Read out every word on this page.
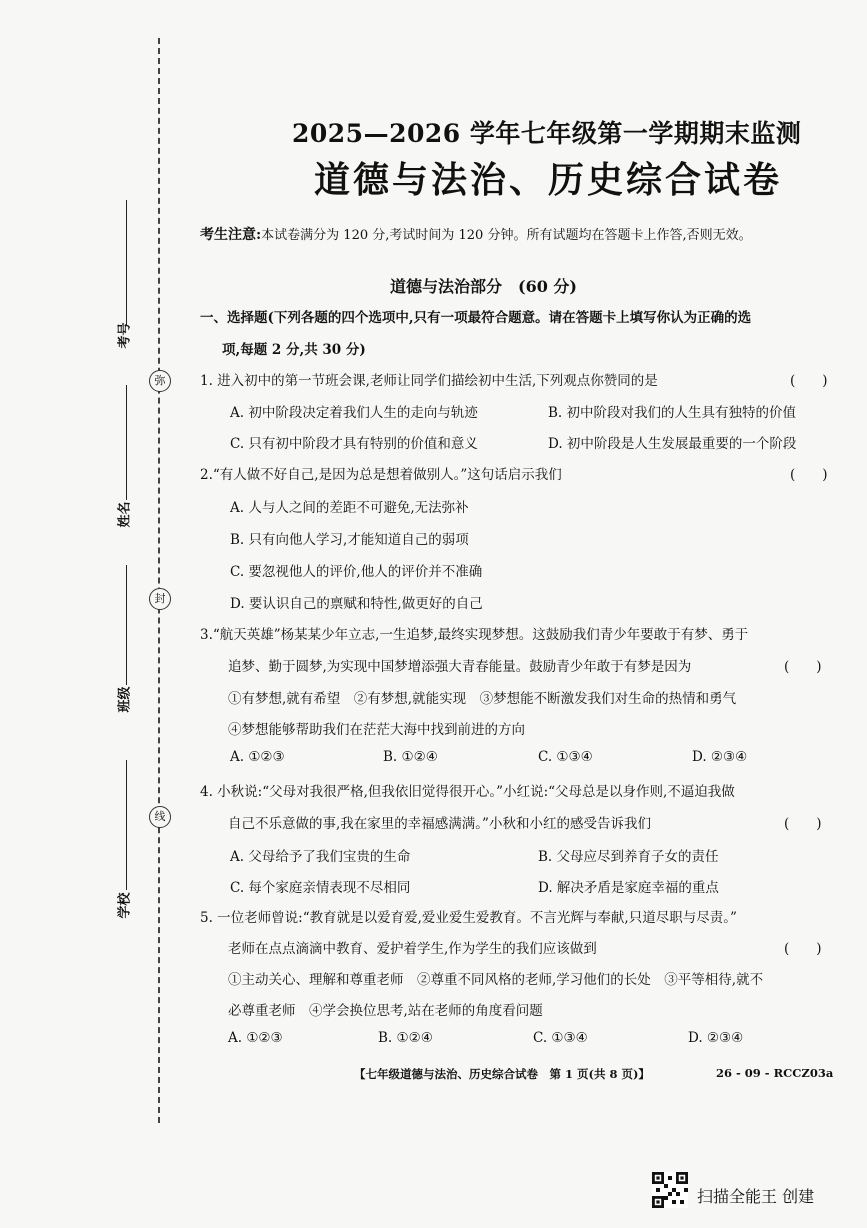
弥
封
线
考号
姓名
班级
学校
2025—2026 学年七年级第一学期期末监测
道德与法治、历史综合试卷
考生注意:本试卷满分为 120 分,考试时间为 120 分钟。所有试题均在答题卡上作答,否则无效。
道德与法治部分　(60 分)
一、选择题(下列各题的四个选项中,只有一项最符合题意。请在答题卡上填写你认为正确的选
项,每题 2 分,共 30 分)
1. 进入初中的第一节班会课,老师让同学们描绘初中生活,下列观点你赞同的是	(　　)
A. 初中阶段决定着我们人生的走向与轨迹	B. 初中阶段对我们的人生具有独特的价值
C. 只有初中阶段才具有特别的价值和意义	D. 初中阶段是人生发展最重要的一个阶段
2.“有人做不好自己,是因为总是想着做别人。”这句话启示我们	(　　)
A. 人与人之间的差距不可避免,无法弥补
B. 只有向他人学习,才能知道自己的弱项
C. 要忽视他人的评价,他人的评价并不准确
D. 要认识自己的禀赋和特性,做更好的自己
3.“航天英雄”杨某某少年立志,一生追梦,最终实现梦想。这鼓励我们青少年要敢于有梦、勇于
追梦、勤于圆梦,为实现中国梦增添强大青春能量。鼓励青少年敢于有梦是因为	(　　)
①有梦想,就有希望　②有梦想,就能实现　③梦想能不断激发我们对生命的热情和勇气
④梦想能够帮助我们在茫茫大海中找到前进的方向
A. ①②③	B. ①②④	C. ①③④	D. ②③④
4. 小秋说:“父母对我很严格,但我依旧觉得很开心。”小红说:“父母总是以身作则,不逼迫我做
自己不乐意做的事,我在家里的幸福感满满。”小秋和小红的感受告诉我们	(　　)
A. 父母给予了我们宝贵的生命	B. 父母应尽到养育子女的责任
C. 每个家庭亲情表现不尽相同	D. 解决矛盾是家庭幸福的重点
5. 一位老师曾说:“教育就是以爱育爱,爱业爱生爱教育。不言光辉与奉献,只道尽职与尽责。”
老师在点点滴滴中教育、爱护着学生,作为学生的我们应该做到	(　　)
①主动关心、理解和尊重老师　②尊重不同风格的老师,学习他们的长处　③平等相待,就不
必尊重老师　④学会换位思考,站在老师的角度看问题
A. ①②③	B. ①②④	C. ①③④	D. ②③④
【七年级道德与法治、历史综合试卷　第 1 页(共 8 页)】	26 - 09 - RCCZ03a
扫描全能王 创建
